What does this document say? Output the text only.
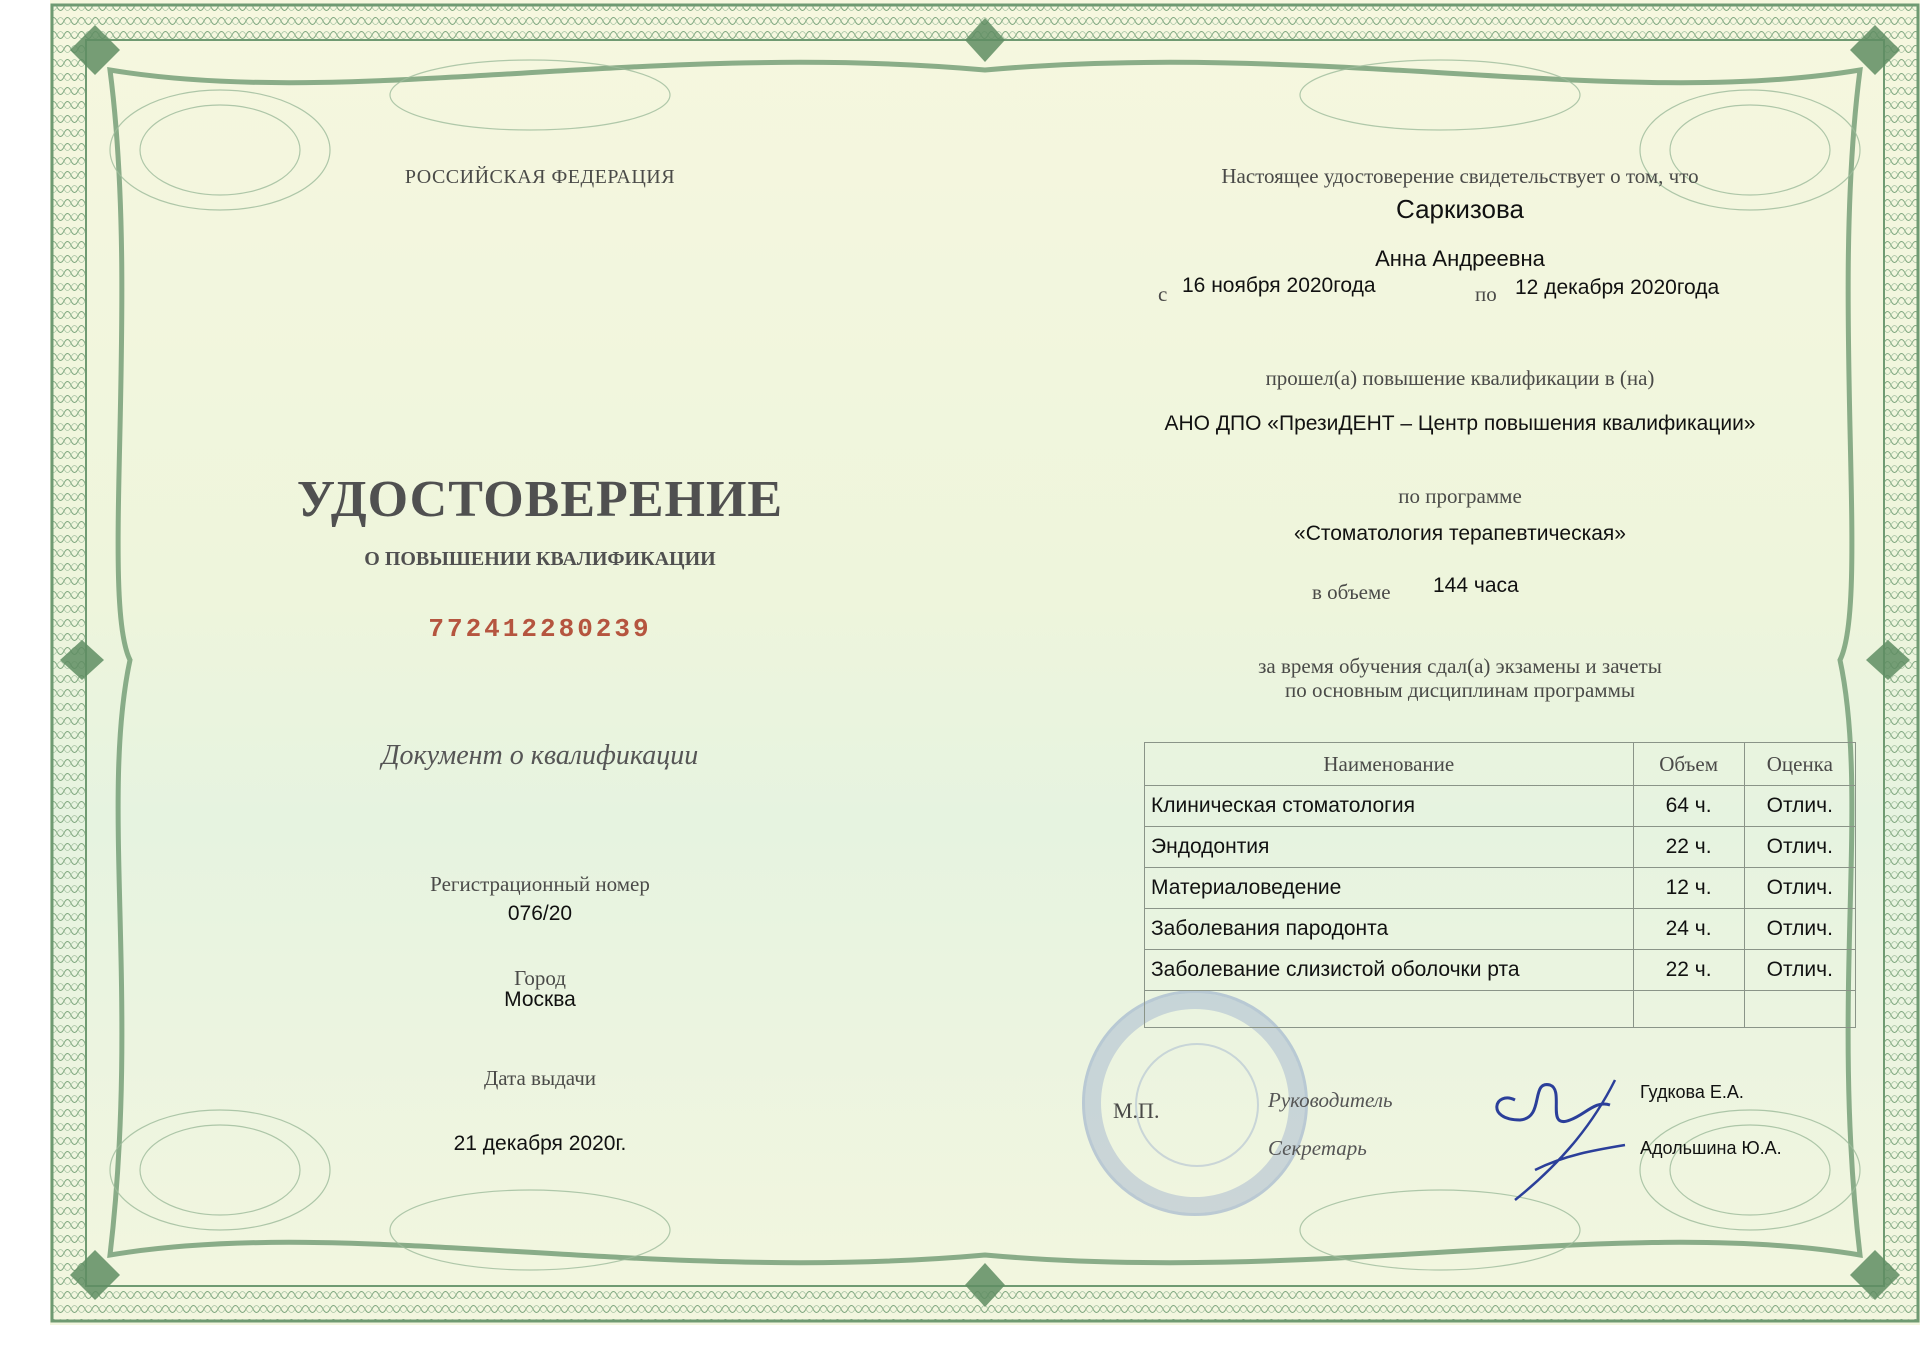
РОССИЙСКАЯ ФЕДЕРАЦИЯ
УДОСТОВЕРЕНИЕ
О ПОВЫШЕНИИ КВАЛИФИКАЦИИ
772412280239
Документ о квалификации
Регистрационный номер
076/20
Город
Москва
Дата выдачи
21 декабря 2020г.
Настоящее удостоверение свидетельствует о том, что
Саркизова
Анна Андреевна
с 16 ноября 2020года	по 12 декабря 2020года
прошел(а) повышение квалификации в (на)
АНО ДПО «ПрезиДЕНТ – Центр повышения квалификации»
по программе
«Стоматология терапевтическая»
в объеме 144 часа
за время обучения сдал(а) экзамены и зачеты
по основным дисциплинам программы
Наименование	Объем	Оценка
Клиническая стоматология	64 ч.	Отлич.
Эндодонтия	22 ч.	Отлич.
Материаловедение	12 ч.	Отлич.
Заболевания пародонта	24 ч.	Отлич.
Заболевание слизистой оболочки рта	22 ч.	Отлич.

М.П.	Руководитель
Секретарь
Гудкова Е.А.
Адольшина Ю.А.
